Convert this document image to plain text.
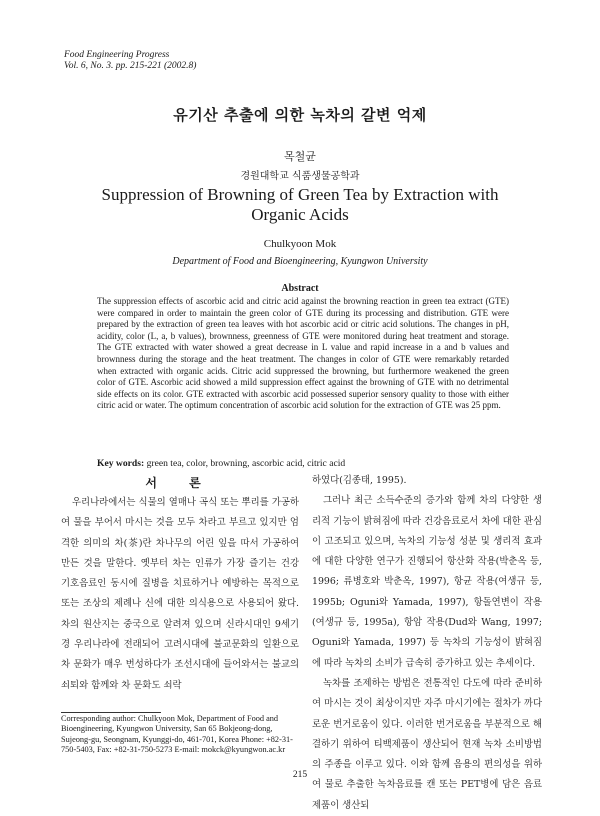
Food Engineering Progress
Vol. 6, No. 3. pp. 215-221 (2002.8)
유기산 추출에 의한 녹차의 갈변 억제
목철균
경원대학교 식품생물공학과
Suppression of Browning of Green Tea by Extraction with Organic Acids
Chulkyoon Mok
Department of Food and Bioengineering, Kyungwon University
Abstract
The suppression effects of ascorbic acid and citric acid against the browning reaction in green tea extract (GTE) were compared in order to maintain the green color of GTE during its processing and distribution. GTE were prepared by the extraction of green tea leaves with hot ascorbic acid or citric acid solutions. The changes in pH, acidity, color (L, a, b values), brownness, greenness of GTE were monitored during heat treatment and storage. The GTE extracted with water showed a great decrease in L value and rapid increase in a and b values and brownness during the storage and the heat treatment. The changes in color of GTE were remarkably retarded when extracted with organic acids. Citric acid suppressed the browning, but furthermore weakened the green color of GTE. Ascorbic acid showed a mild suppression effect against the browning of GTE with no detrimental side effects on its color. GTE extracted with ascorbic acid possessed superior sensory quality to those with either citric acid or water. The optimum concentration of ascorbic acid solution for the extraction of GTE was 25 ppm.
Key words: green tea, color, browning, ascorbic acid, citric acid
서 론

우리나라에서는 식물의 열매나 곡식 또는 뿌리를 가공하여 물을 부어서 마시는 것을 모두 차라고 부르고 있지만 엄격한 의미의 차(茶)란 차나무의 어린 잎을 따서 가공하여 만든 것을 말한다. 옛부터 차는 인류가 가장 즐기는 건강 기호음료인 동시에 질병을 치료하거나 예방하는 목적으로 또는 조상의 제례나 신에 대한 의식용으로 사용되어 왔다. 차의 원산지는 중국으로 알려져 있으며 신라시대인 9세기경 우리나라에 전래되어 고려시대에 불교문화의 일환으로 차 문화가 매우 번성하다가 조선시대에 들어와서는 불교의 쇠퇴와 함께와 차 문화도 쇠락

하였다(김종태, 1995).

그러나 최근 소득수준의 증가와 함께 차의 다양한 생리적 기능이 밝혀짐에 따라 건강음료로서 차에 대한 관심이 고조되고 있으며, 녹차의 기능성 성분 및 생리적 효과에 대한 다양한 연구가 진행되어 항산화 작용(박춘옥 등, 1996; 류병호와 박춘옥, 1997), 항균 작용(여생규 등, 1995b; Oguni와 Yamada, 1997), 항돌연변이 작용(여생규 등, 1995a), 항암 작용(Dud와 Wang, 1997; Oguni와 Yamada, 1997) 등 녹차의 기능성이 밝혀짐에 따라 녹차의 소비가 급속히 증가하고 있는 추세이다.

녹차를 조제하는 방법은 전통적인 다도에 따라 준비하여 마시는 것이 최상이지만 자주 마시기에는 절차가 까다로운 번거로움이 있다. 이러한 번거로움을 부분적으로 해결하기 위하여 티백제품이 생산되어 현재 녹차 소비방법의 주종을 이루고 있다. 이와 함께 음용의 편의성을 위하여 물로 추출한 녹차음료를 캔 또는 PET병에 담은 음료제품이 생산되

Corresponding author: Chulkyoon Mok, Department of Food and Bioengineering, Kyungwon University, San 65 Bokjeong-dong, Sujeong-gu, Seongnam, Kyunggi-do, 461-701, Korea Phone: +82-31-750-5403, Fax: +82-31-750-5273 E-mail: mokck@kyungwon.ac.kr
215
